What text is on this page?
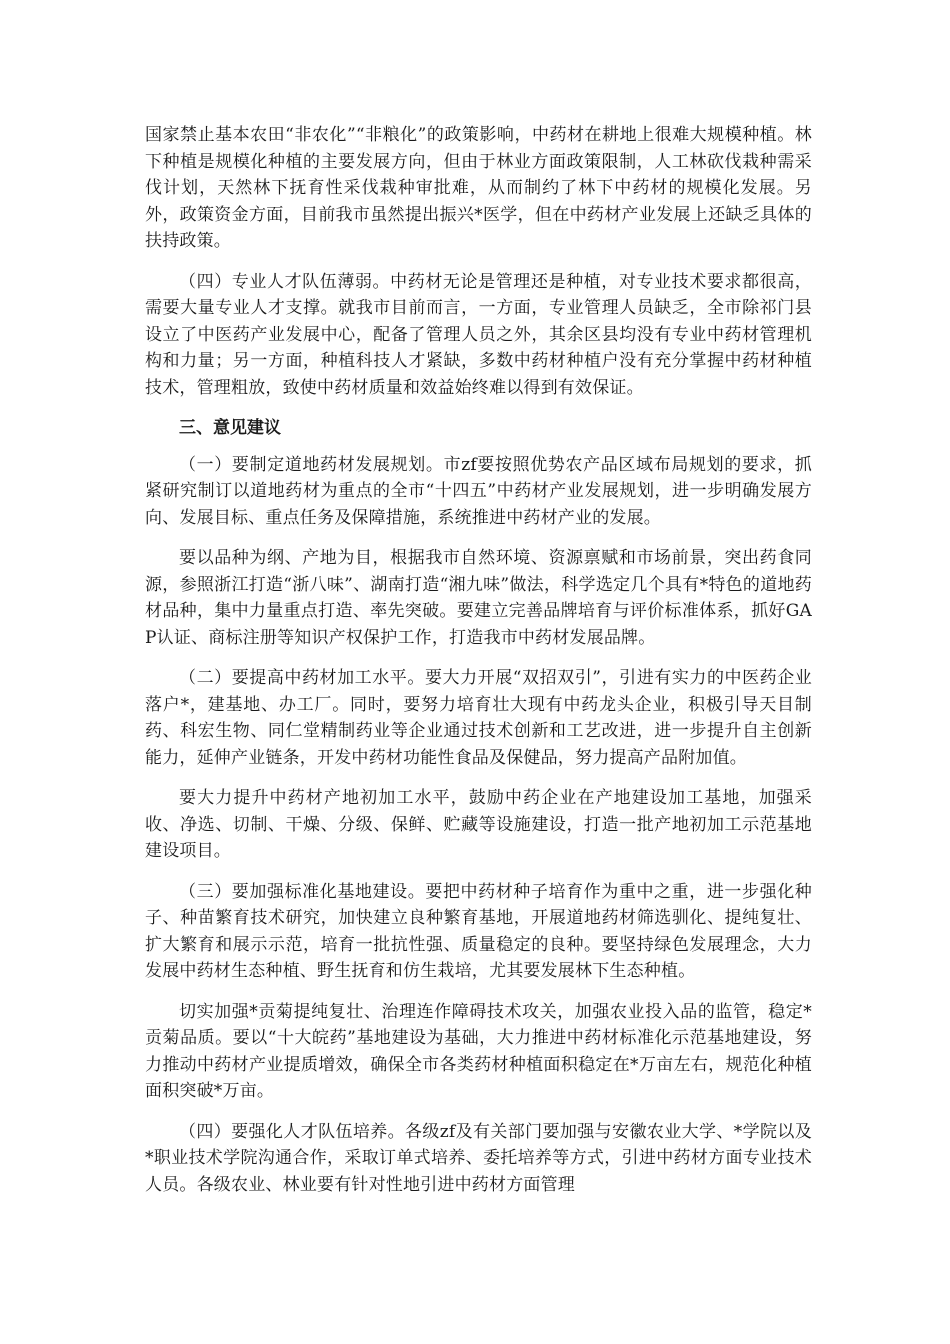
国家禁止基本农田“非农化”“非粮化”的政策影响，中药材在耕地上很难大规模种植。林下种植是规模化种植的主要发展方向，但由于林业方面政策限制，人工林砍伐栽种需采伐计划，天然林下抚育性采伐栽种审批难，从而制约了林下中药材的规模化发展。另外，政策资金方面，目前我市虽然提出振兴*医学，但在中药材产业发展上还缺乏具体的扶持政策。

（四）专业人才队伍薄弱。中药材无论是管理还是种植，对专业技术要求都很高，需要大量专业人才支撑。就我市目前而言，一方面，专业管理人员缺乏，全市除祁门县设立了中医药产业发展中心，配备了管理人员之外，其余区县均没有专业中药材管理机构和力量；另一方面，种植科技人才紧缺，多数中药材种植户没有充分掌握中药材种植技术，管理粗放，致使中药材质量和效益始终难以得到有效保证。

三、意见建议

（一）要制定道地药材发展规划。市zf要按照优势农产品区域布局规划的要求，抓紧研究制订以道地药材为重点的全市“十四五”中药材产业发展规划，进一步明确发展方向、发展目标、重点任务及保障措施，系统推进中药材产业的发展。

要以品种为纲、产地为目，根据我市自然环境、资源禀赋和市场前景，突出药食同源，参照浙江打造“浙八味”、湖南打造“湘九味”做法，科学选定几个具有*特色的道地药材品种，集中力量重点打造、率先突破。要建立完善品牌培育与评价标准体系，抓好GAP认证、商标注册等知识产权保护工作，打造我市中药材发展品牌。

（二）要提高中药材加工水平。要大力开展“双招双引”，引进有实力的中医药企业落户*，建基地、办工厂。同时，要努力培育壮大现有中药龙头企业，积极引导天目制药、科宏生物、同仁堂精制药业等企业通过技术创新和工艺改进，进一步提升自主创新能力，延伸产业链条，开发中药材功能性食品及保健品，努力提高产品附加值。

要大力提升中药材产地初加工水平，鼓励中药企业在产地建设加工基地，加强采收、净选、切制、干燥、分级、保鲜、贮藏等设施建设，打造一批产地初加工示范基地建设项目。

（三）要加强标准化基地建设。要把中药材种子培育作为重中之重，进一步强化种子、种苗繁育技术研究，加快建立良种繁育基地，开展道地药材筛选驯化、提纯复壮、扩大繁育和展示示范，培育一批抗性强、质量稳定的良种。要坚持绿色发展理念，大力发展中药材生态种植、野生抚育和仿生栽培，尤其要发展林下生态种植。

切实加强*贡菊提纯复壮、治理连作障碍技术攻关，加强农业投入品的监管，稳定*贡菊品质。要以“十大皖药”基地建设为基础，大力推进中药材标准化示范基地建设，努力推动中药材产业提质增效，确保全市各类药材种植面积稳定在*万亩左右，规范化种植面积突破*万亩。

（四）要强化人才队伍培养。各级zf及有关部门要加强与安徽农业大学、*学院以及*职业技术学院沟通合作，采取订单式培养、委托培养等方式，引进中药材方面专业技术人员。各级农业、林业要有针对性地引进中药材方面管理
